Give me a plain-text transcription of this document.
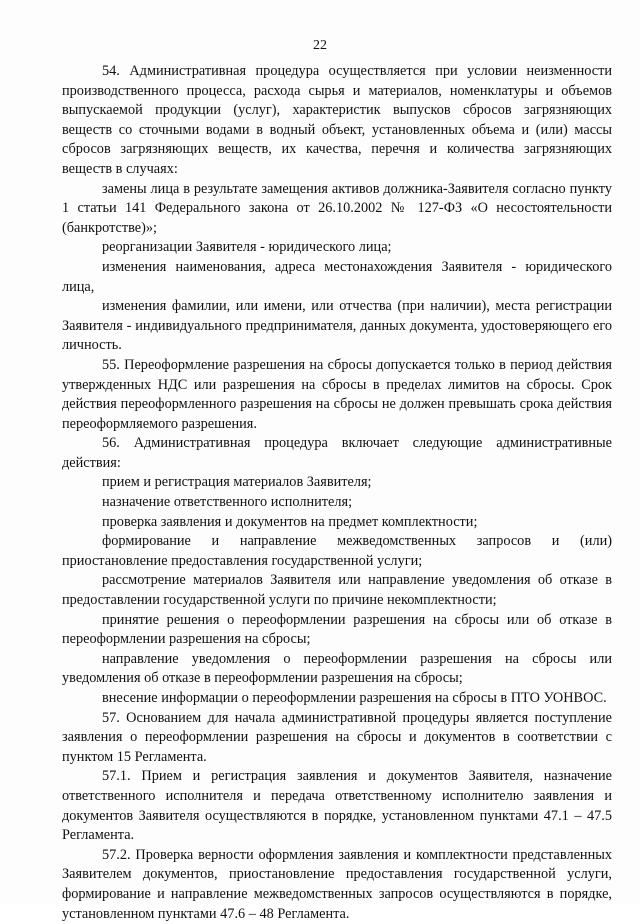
22

54. Административная процедура осуществляется при условии неизменности производственного процесса, расхода сырья и материалов, номенклатуры и объемов выпускаемой продукции (услуг), характеристик выпусков сбросов загрязняющих веществ со сточными водами в водный объект, установленных объема и (или) массы сбросов загрязняющих веществ, их качества, перечня и количества загрязняющих веществ в случаях:

замены лица в результате замещения активов должника-Заявителя согласно пункту 1 статьи 141 Федерального закона от 26.10.2002 № 127-ФЗ «О несостоятельности (банкротстве)»;

реорганизации Заявителя - юридического лица;

изменения наименования, адреса местонахождения Заявителя - юридического лица,

изменения фамилии, или имени, или отчества (при наличии), места регистрации Заявителя - индивидуального предпринимателя, данных документа, удостоверяющего его личность.

55. Переоформление разрешения на сбросы допускается только в период действия утвержденных НДС или разрешения на сбросы в пределах лимитов на сбросы. Срок действия переоформленного разрешения на сбросы не должен превышать срока действия переоформляемого разрешения.

56. Административная процедура включает следующие административные действия:

прием и регистрация материалов Заявителя;

назначение ответственного исполнителя;

проверка заявления и документов на предмет комплектности;

формирование и направление межведомственных запросов и (или) приостановление предоставления государственной услуги;

рассмотрение материалов Заявителя или направление уведомления об отказе в предоставлении государственной услуги по причине некомплектности;

принятие решения о переоформлении разрешения на сбросы или об отказе в переоформлении разрешения на сбросы;

направление уведомления о переоформлении разрешения на сбросы или уведомления об отказе в переоформлении разрешения на сбросы;

внесение информации о переоформлении разрешения на сбросы в ПТО УОНВОС.

57. Основанием для начала административной процедуры является поступление заявления о переоформлении разрешения на сбросы и документов в соответствии с пунктом 15 Регламента.

57.1. Прием и регистрация заявления и документов Заявителя, назначение ответственного исполнителя и передача ответственному исполнителю заявления и документов Заявителя осуществляются в порядке, установленном пунктами 47.1 – 47.5 Регламента.

57.2. Проверка верности оформления заявления и комплектности представленных Заявителем документов, приостановление предоставления государственной услуги, формирование и направление межведомственных запросов осуществляются в порядке, установленном пунктами 47.6 – 48 Регламента.
